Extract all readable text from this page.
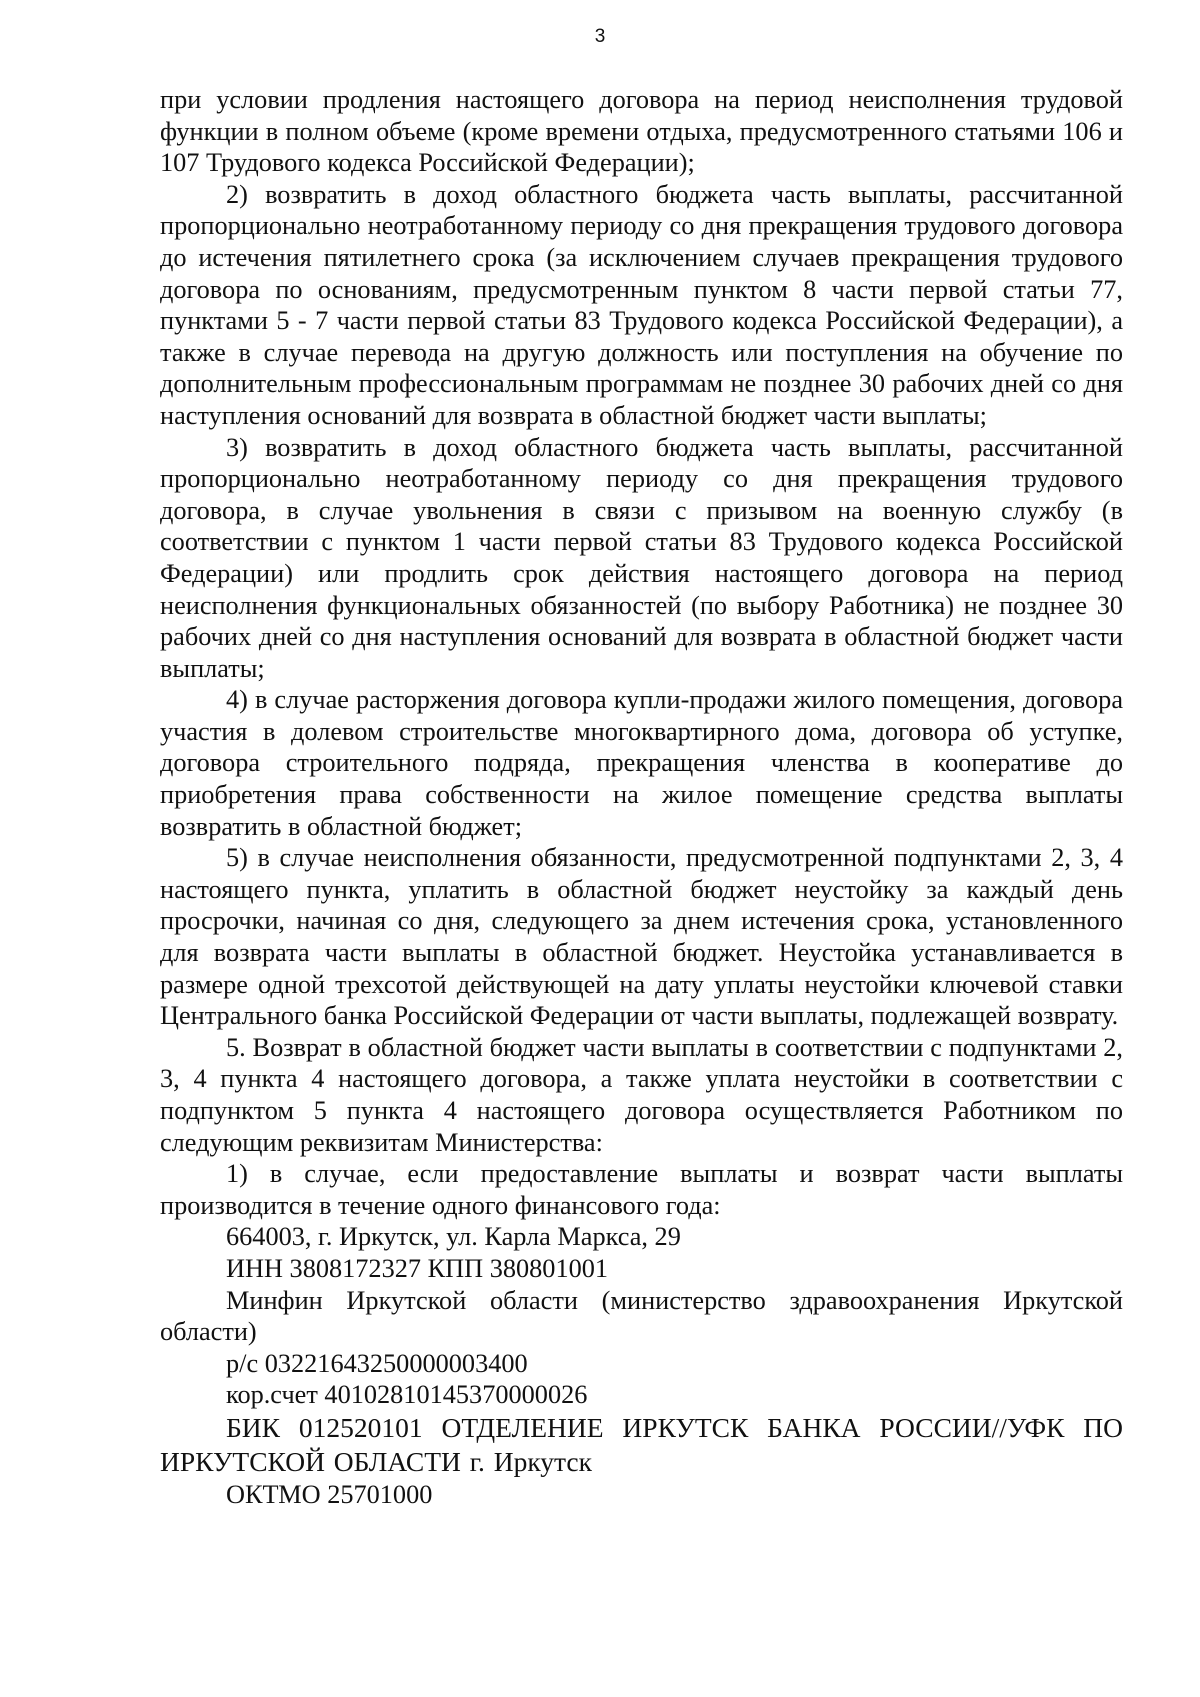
3

при условии продления настоящего договора на период неисполнения трудовой функции в полном объеме (кроме времени отдыха, предусмотренного статьями 106 и 107 Трудового кодекса Российской Федерации);

2) возвратить в доход областного бюджета часть выплаты, рассчитанной пропорционально неотработанному периоду со дня прекращения трудового договора до истечения пятилетнего срока (за исключением случаев прекращения трудового договора по основаниям, предусмотренным пунктом 8 части первой статьи 77, пунктами 5 - 7 части первой статьи 83 Трудового кодекса Российской Федерации), а также в случае перевода на другую должность или поступления на обучение по дополнительным профессиональным программам не позднее 30 рабочих дней со дня наступления оснований для возврата в областной бюджет части выплаты;

3) возвратить в доход областного бюджета часть выплаты, рассчитанной пропорционально неотработанному периоду со дня прекращения трудового договора, в случае увольнения в связи с призывом на военную службу (в соответствии с пунктом 1 части первой статьи 83 Трудового кодекса Российской Федерации) или продлить срок действия настоящего договора на период неисполнения функциональных обязанностей (по выбору Работника) не позднее 30 рабочих дней со дня наступления оснований для возврата в областной бюджет части выплаты;

4) в случае расторжения договора купли-продажи жилого помещения, договора участия в долевом строительстве многоквартирного дома, договора об уступке, договора строительного подряда, прекращения членства в кооперативе до приобретения права собственности на жилое помещение средства выплаты возвратить в областной бюджет;

5) в случае неисполнения обязанности, предусмотренной подпунктами 2, 3, 4 настоящего пункта, уплатить в областной бюджет неустойку за каждый день просрочки, начиная со дня, следующего за днем истечения срока, установленного для возврата части выплаты в областной бюджет. Неустойка устанавливается в размере одной трехсотой действующей на дату уплаты неустойки ключевой ставки Центрального банка Российской Федерации от части выплаты, подлежащей возврату.

5. Возврат в областной бюджет части выплаты в соответствии с подпунктами 2, 3, 4 пункта 4 настоящего договора, а также уплата неустойки в соответствии с подпунктом 5 пункта 4 настоящего договора осуществляется Работником по следующим реквизитам Министерства:

1) в случае, если предоставление выплаты и возврат части выплаты производится в течение одного финансового года:

664003, г. Иркутск, ул. Карла Маркса, 29

ИНН 3808172327 КПП 380801001

Минфин Иркутской области (министерство здравоохранения Иркутской области)

р/с 03221643250000003400

кор.счет 40102810145370000026

БИК 012520101 ОТДЕЛЕНИЕ ИРКУТСК БАНКА РОССИИ//УФК ПО ИРКУТСКОЙ ОБЛАСТИ г. Иркутск

ОКТМО 25701000
